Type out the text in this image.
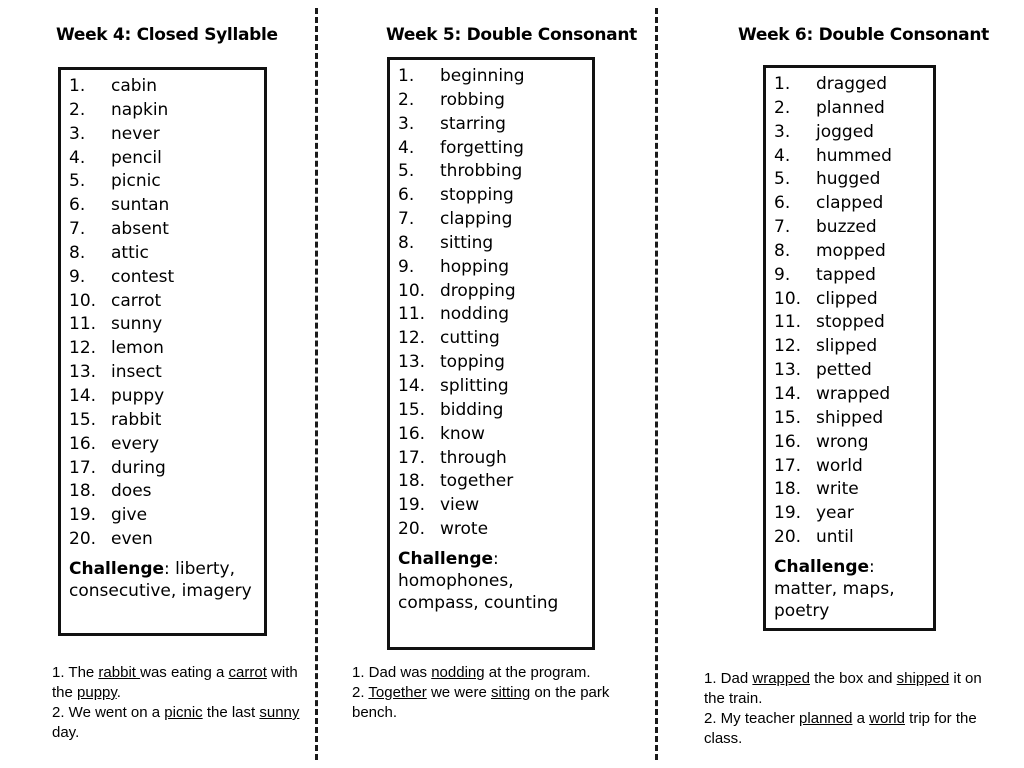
Week 4: Closed Syllable
1.	cabin
2.	napkin
3.	never
4.	pencil
5.	picnic
6.	suntan
7.	absent
8.	attic
9.	contest
10. carrot
11. sunny
12. lemon
13. insect
14. puppy
15. rabbit
16. every
17. during
18. does
19. give
20. even
Challenge: liberty, consecutive, imagery

1. The rabbit was eating a carrot with the puppy.

2. We went on a picnic the last sunny day.

Week 5: Double Consonant
1.	beginning
2.	robbing
3.	starring
4.	forgetting
5.	throbbing
6.	stopping
7.	clapping
8.	sitting
9.	hopping
10. dropping
11. nodding
12. cutting
13. topping
14. splitting
15. bidding
16. know
17. through
18. together
19. view
20. wrote
Challenge: homophones, compass, counting

1. Dad was nodding at the program.

2. Together we were sitting on the park bench.

Week 6: Double Consonant
1.	dragged
2.	planned
3.	jogged
4.	hummed
5.	hugged
6.	clapped
7.	buzzed
8.	mopped
9.	tapped
10. clipped
11. stopped
12. slipped
13. petted
14. wrapped
15. shipped
16. wrong
17. world
18. write
19. year
20. until
Challenge: matter, maps, poetry

1. Dad wrapped the box and shipped it on the train.

2. My teacher planned a world trip for the class.
